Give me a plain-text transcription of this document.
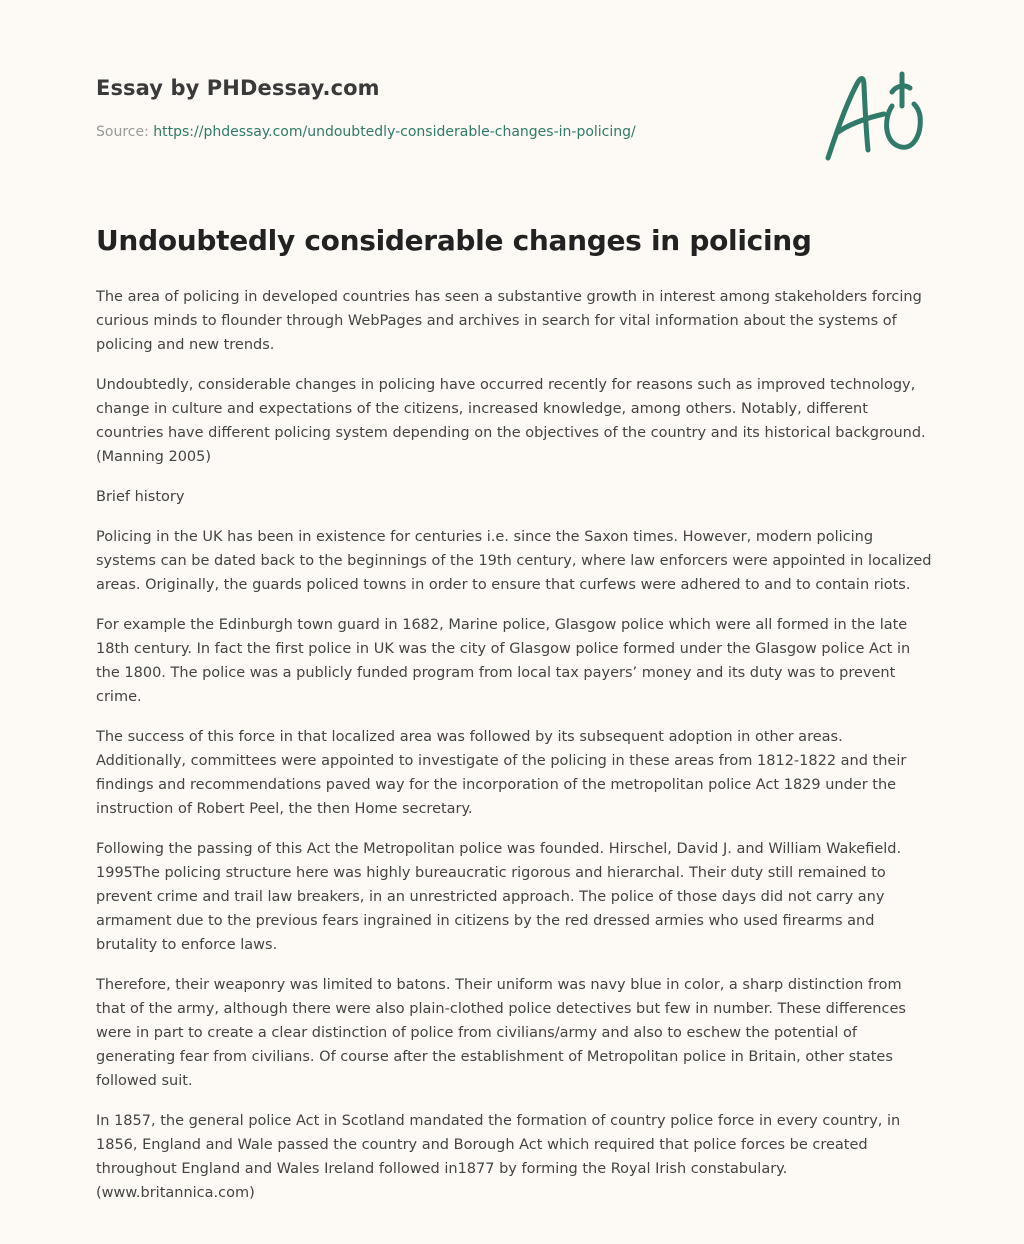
Essay by PHDessay.com
Source: https://phdessay.com/undoubtedly-considerable-changes-in-policing/
Undoubtedly considerable changes in policing

The area of policing in developed countries has seen a substantive growth in interest among stakeholders forcing curious minds to flounder through WebPages and archives in search for vital information about the systems of policing and new trends.

Undoubtedly, considerable changes in policing have occurred recently for reasons such as improved technology, change in culture and expectations of the citizens, increased knowledge, among others. Notably, different countries have different policing system depending on the objectives of the country and its historical background. (Manning 2005)

Brief history

Policing in the UK has been in existence for centuries i.e. since the Saxon times. However, modern policing systems can be dated back to the beginnings of the 19th century, where law enforcers were appointed in localized areas. Originally, the guards policed towns in order to ensure that curfews were adhered to and to contain riots.

For example the Edinburgh town guard in 1682, Marine police, Glasgow police which were all formed in the late 18th century. In fact the first police in UK was the city of Glasgow police formed under the Glasgow police Act in the 1800. The police was a publicly funded program from local tax payers’ money and its duty was to prevent crime.

The success of this force in that localized area was followed by its subsequent adoption in other areas. Additionally, committees were appointed to investigate of the policing in these areas from 1812-1822 and their findings and recommendations paved way for the incorporation of the metropolitan police Act 1829 under the instruction of Robert Peel, the then Home secretary.

Following the passing of this Act the Metropolitan police was founded. Hirschel, David J. and William Wakefield. 1995The policing structure here was highly bureaucratic rigorous and hierarchal. Their duty still remained to prevent crime and trail law breakers, in an unrestricted approach. The police of those days did not carry any armament due to the previous fears ingrained in citizens by the red dressed armies who used firearms and brutality to enforce laws.

Therefore, their weaponry was limited to batons. Their uniform was navy blue in color, a sharp distinction from that of the army, although there were also plain-clothed police detectives but few in number. These differences were in part to create a clear distinction of police from civilians/army and also to eschew the potential of generating fear from civilians. Of course after the establishment of Metropolitan police in Britain, other states followed suit.

In 1857, the general police Act in Scotland mandated the formation of country police force in every country, in 1856, England and Wale passed the country and Borough Act which required that police forces be created throughout England and Wales Ireland followed in1877 by forming the Royal Irish constabulary. (www.britannica.com)
